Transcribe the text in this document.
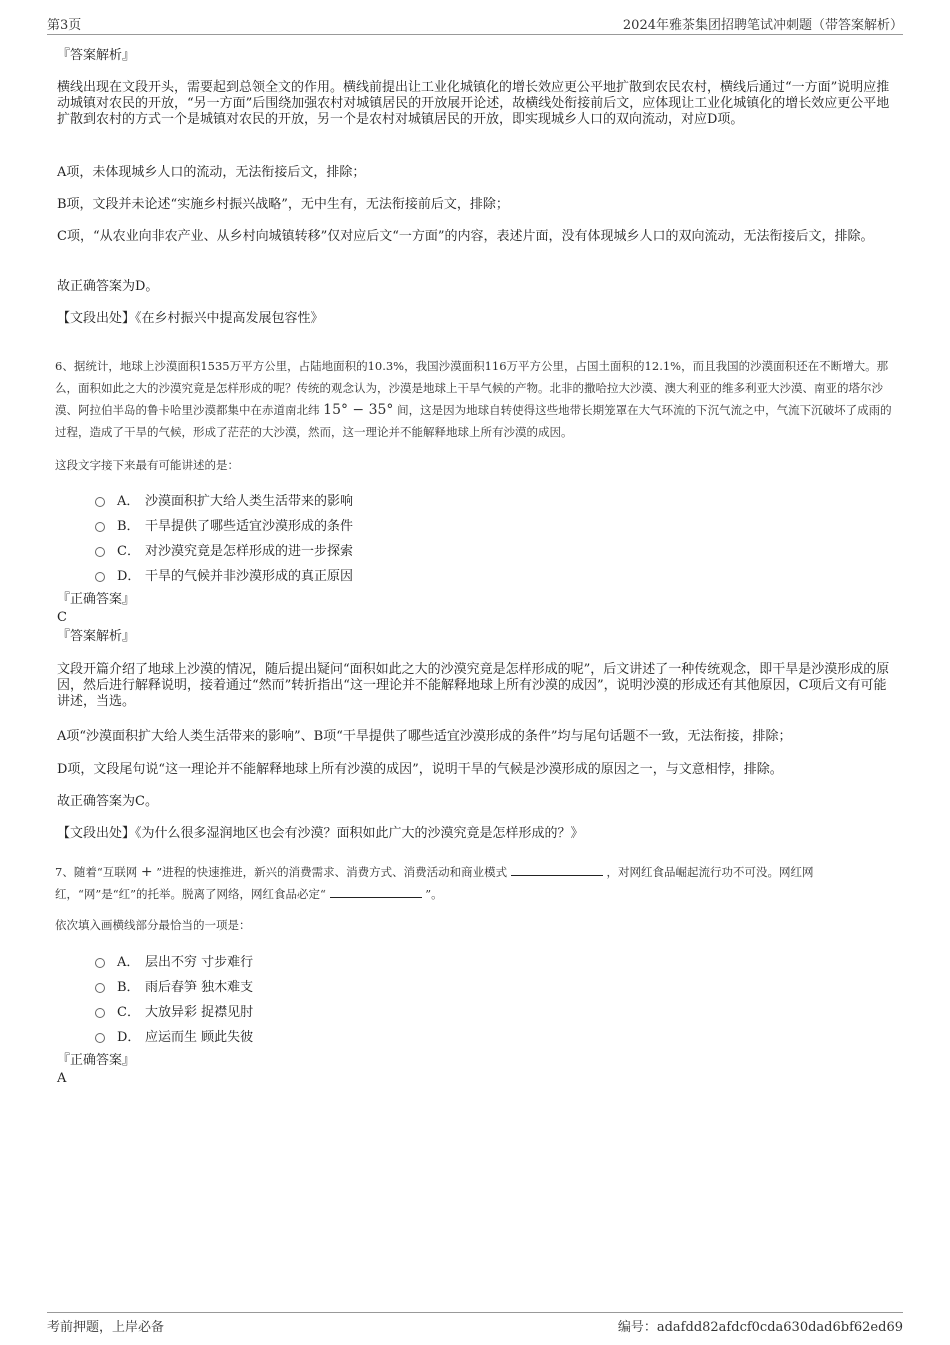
第3页	2024年雅茶集团招聘笔试冲刺题（带答案解析）
『答案解析』
横线出现在文段开头，需要起到总领全文的作用。横线前提出让工业化城镇化的增长效应更公平地扩散到农民农村，横线后通过“一方面”说明应推动城镇对农民的开放，“另一方面”后围绕加强农村对城镇居民的开放展开论述，故横线处衔接前后文，应体现让工业化城镇化的增长效应更公平地扩散到农村的方式一个是城镇对农民的开放，另一个是农村对城镇居民的开放，即实现城乡人口的双向流动，对应D项。
A项，未体现城乡人口的流动，无法衔接后文，排除；
B项，文段并未论述“实施乡村振兴战略”，无中生有，无法衔接前后文，排除；
C项，“从农业向非农产业、从乡村向城镇转移”仅对应后文“一方面”的内容，表述片面，没有体现城乡人口的双向流动，无法衔接后文，排除。
故正确答案为D。
【文段出处】《在乡村振兴中提高发展包容性》
6、据统计，地球上沙漠面积1535万平方公里，占陆地面积的10.3%，我国沙漠面积116万平方公里，占国土面积的12.1%，而且我国的沙漠面积还在不断增大。那么，面积如此之大的沙漠究竟是怎样形成的呢？传统的观念认为，沙漠是地球上干旱气候的产物。北非的撒哈拉大沙漠、澳大利亚的维多利亚大沙漠、南亚的塔尔沙漠、阿拉伯半岛的鲁卡哈里沙漠都集中在赤道南北纬 15° − 35° 间，这是因为地球自转使得这些地带长期笼罩在大气环流的下沉气流之中，气流下沉破坏了成雨的过程，造成了干旱的气候，形成了茫茫的大沙漠，然而，这一理论并不能解释地球上所有沙漠的成因。
这段文字接下来最有可能讲述的是：
A． 沙漠面积扩大给人类生活带来的影响
B． 干旱提供了哪些适宜沙漠形成的条件
C． 对沙漠究竟是怎样形成的进一步探索
D． 干旱的气候并非沙漠形成的真正原因
『正确答案』
C
『答案解析』
文段开篇介绍了地球上沙漠的情况，随后提出疑问“面积如此之大的沙漠究竟是怎样形成的呢”，后文讲述了一种传统观念，即干旱是沙漠形成的原因，然后进行解释说明，接着通过“然而”转折指出“这一理论并不能解释地球上所有沙漠的成因”，说明沙漠的形成还有其他原因，C项后文有可能讲述，当选。
A项“沙漠面积扩大给人类生活带来的影响”、B项“干旱提供了哪些适宜沙漠形成的条件”均与尾句话题不一致，无法衔接，排除；
D项，文段尾句说“这一理论并不能解释地球上所有沙漠的成因”，说明干旱的气候是沙漠形成的原因之一，与文意相悖，排除。
故正确答案为C。
【文段出处】《为什么很多湿润地区也会有沙漠？面积如此广大的沙漠究竟是怎样形成的？》
7、随着“互联网 + ”进程的快速推进，新兴的消费需求、消费方式、消费活动和商业模式	，对网红食品崛起流行功不可没。网红网红，“网”是“红”的托举。脱离了网络，网红食品必定“	”。
依次填入画横线部分最恰当的一项是：
A． 层出不穷 寸步难行
B． 雨后春笋 独木难支
C． 大放异彩 捉襟见肘
D． 应运而生 顾此失彼
『正确答案』
A
考前押题，上岸必备	编号：adafdd82afdcf0cda630dad6bf62ed69
